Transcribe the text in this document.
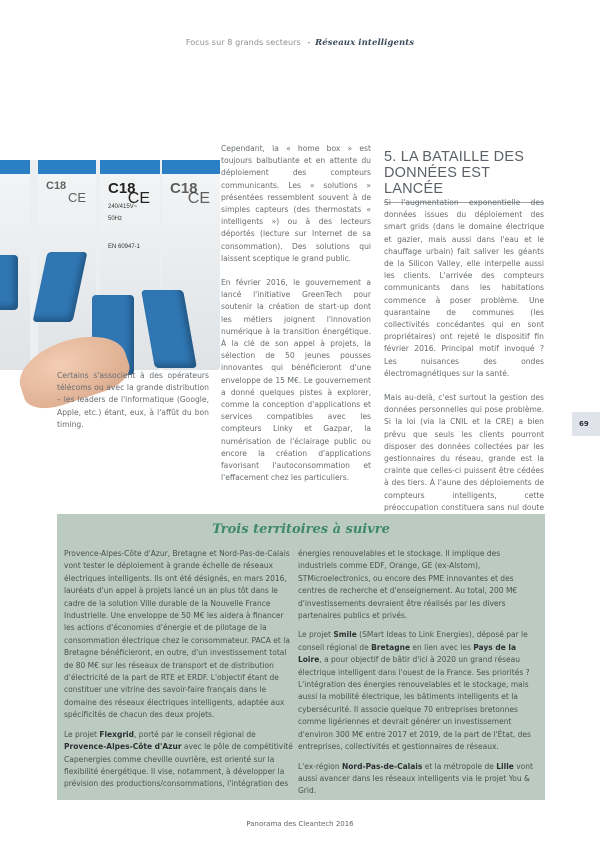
Focus sur 8 grands secteurs - Réseaux intelligents
C18
CE
C18
CE
240/415V~
50Hz
EN 60947-1
C18
CE

Certains s'associent à des opérateurs télécoms ou avec la grande distribution – les leaders de l'informatique (Google, Apple, etc.) étant, eux, à l'affût du bon timing.

Cependant, la « home box » est toujours balbutiante et en attente du déploiement des compteurs communicants. Les « solutions » présentées ressemblent souvent à de simples capteurs (des thermostats « intelligents ») ou à des lecteurs déportés (lecture sur Internet de sa consommation). Des solutions qui laissent sceptique le grand public.

En février 2016, le gouvernement a lancé l'initiative GreenTech pour soutenir la création de start-up dont les métiers joignent l'innovation numérique à la transition énergétique. À la clé de son appel à projets, la sélection de 50 jeunes pousses innovantes qui bénéficieront d'une enveloppe de 15 M€. Le gouvernement a donné quelques pistes à explorer, comme la conception d'applications et services compatibles avec les compteurs Linky et Gazpar, la numérisation de l'éclairage public ou encore la création d'applications favorisant l'autoconsommation et l'effacement chez les particuliers.

5. LA BATAILLE DES DONNÉES EST LANCÉE

Si l'augmentation exponentielle des données issues du déploiement des smart grids (dans le domaine électrique et gazier, mais aussi dans l'eau et le chauffage urbain) fait saliver les géants de la Silicon Valley, elle interpelle aussi les clients. L'arrivée des compteurs communicants dans les habitations commence à poser problème. Une quarantaine de communes (les collectivités concédantes qui en sont propriétaires) ont rejeté le dispositif fin février 2016. Principal motif invoqué ? Les nuisances des ondes électromagnétiques sur la santé.

Mais au-delà, c'est surtout la gestion des données personnelles qui pose problème. Si la loi (via la CNIL et la CRE) a bien prévu que seuls les clients pourront disposer des données collectées par les gestionnaires du réseau, grande est la crainte que celles-ci puissent être cédées à des tiers. À l'aune des déploiements de compteurs intelligents, cette préoccupation constituera sans nul doute

69
Trois territoires à suivre

Provence-Alpes-Côte d'Azur, Bretagne et Nord-Pas-de-Calais vont tester le déploiement à grande échelle de réseaux électriques intelligents. Ils ont été désignés, en mars 2016, lauréats d'un appel à projets lancé un an plus tôt dans le cadre de la solution Ville durable de la Nouvelle France Industrielle. Une enveloppe de 50 M€ les aidera à financer les actions d'économies d'énergie et de pilotage de la consommation électrique chez le consommateur. PACA et la Bretagne bénéficieront, en outre, d'un investissement total de 80 M€ sur les réseaux de transport et de distribution d'électricité de la part de RTE et ERDF. L'objectif étant de constituer une vitrine des savoir-faire français dans le domaine des réseaux électriques intelligents, adaptée aux spécificités de chacun des deux projets.

Le projet Flexgrid, porté par le conseil régional de Provence-Alpes-Côte d'Azur avec le pôle de compétitivité Capenergies comme cheville ouvrière, est orienté sur la flexibilité énergétique. Il vise, notamment, à développer la prévision des productions/consommations, l'intégration des

énergies renouvelables et le stockage. Il implique des industriels comme EDF, Orange, GE (ex-Alstom), STMicroelectronics, ou encore des PME innovantes et des centres de recherche et d'enseignement. Au total, 200 M€ d'investissements devraient être réalisés par les divers partenaires publics et privés.

Le projet Smile (SMart Ideas to Link Energies), déposé par le conseil régional de Bretagne en lien avec les Pays de la Loire, a pour objectif de bâtir d'ici à 2020 un grand réseau électrique intelligent dans l'ouest de la France. Ses priorités ? L'intégration des énergies renouvelables et le stockage, mais aussi la mobilité électrique, les bâtiments intelligents et la cybersécurité. Il associe quelque 70 entreprises bretonnes comme ligériennes et devrait générer un investissement d'environ 300 M€ entre 2017 et 2019, de la part de l'État, des entreprises, collectivités et gestionnaires de réseaux.

L'ex-région Nord-Pas-de-Calais et la métropole de Lille vont aussi avancer dans les réseaux intelligents via le projet You & Grid.

Panorama des Cleantech 2016
